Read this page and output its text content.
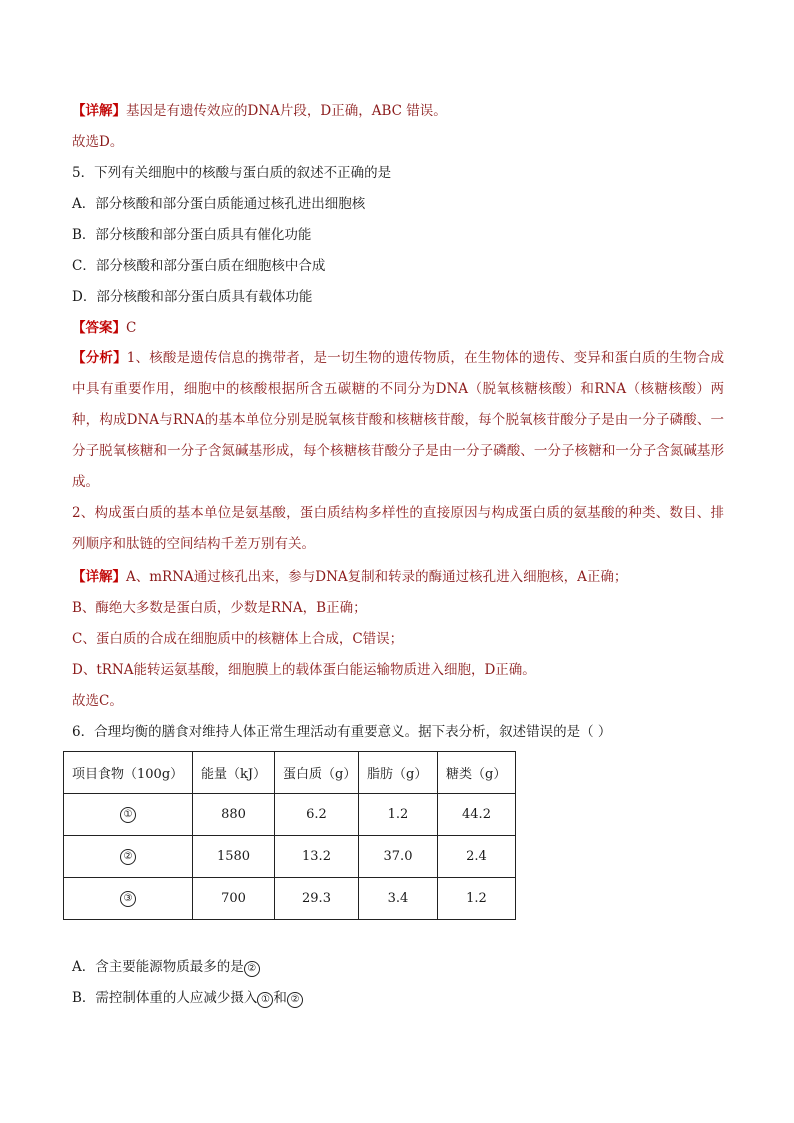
【详解】基因是有遗传效应的DNA片段，D正确，ABC 错误。
故选D。
5．下列有关细胞中的核酸与蛋白质的叙述不正确的是
A．部分核酸和部分蛋白质能通过核孔进出细胞核
B．部分核酸和部分蛋白质具有催化功能
C．部分核酸和部分蛋白质在细胞核中合成
D．部分核酸和部分蛋白质具有载体功能
【答案】C
【分析】1、核酸是遗传信息的携带者，是一切生物的遗传物质，在生物体的遗传、变异和蛋白质的生物合成中具有重要作用，细胞中的核酸根据所含五碳糖的不同分为DNA（脱氧核糖核酸）和RNA（核糖核酸）两种，构成DNA与RNA的基本单位分别是脱氧核苷酸和核糖核苷酸，每个脱氧核苷酸分子是由一分子磷酸、一分子脱氧核糖和一分子含氮碱基形成，每个核糖核苷酸分子是由一分子磷酸、一分子核糖和一分子含氮碱基形成。
2、构成蛋白质的基本单位是氨基酸，蛋白质结构多样性的直接原因与构成蛋白质的氨基酸的种类、数目、排列顺序和肽链的空间结构千差万别有关。
【详解】A、mRNA通过核孔出来，参与DNA复制和转录的酶通过核孔进入细胞核，A正确；
B、酶绝大多数是蛋白质，少数是RNA，B正确；
C、蛋白质的合成在细胞质中的核糖体上合成，C错误；
D、tRNA能转运氨基酸，细胞膜上的载体蛋白能运输物质进入细胞，D正确。
故选C。
6．合理均衡的膳食对维持人体正常生理活动有重要意义。据下表分析，叙述错误的是（ ）
项目食物（100g）	能量（kJ）	蛋白质（g）	脂肪（g）	糖类（g）
①	880	6.2	1.2	44.2
②	1580	13.2	37.0	2.4
③	700	29.3	3.4	1.2
A．含主要能源物质最多的是 ②
B．需控制体重的人应减少摄入 ① 和 ②
